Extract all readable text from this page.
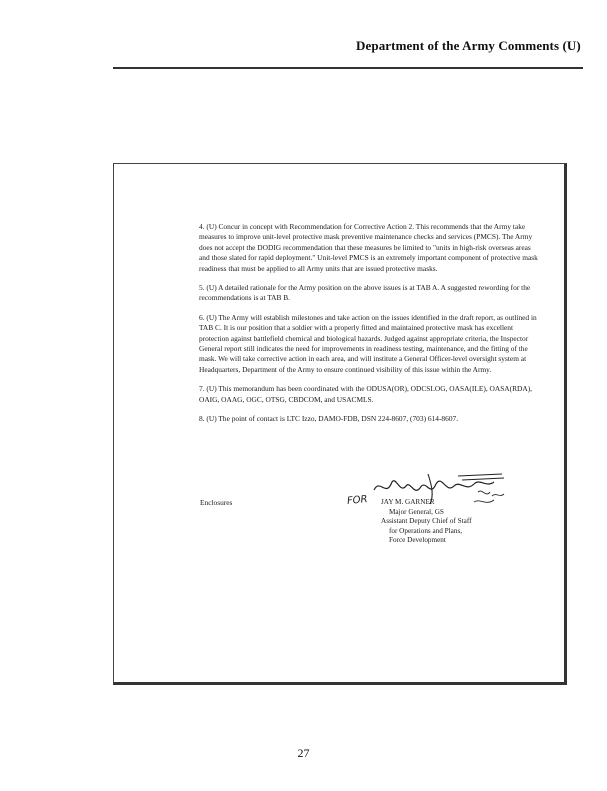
Department of the Army Comments (U)

4. (U) Concur in concept with Recommendation for Corrective Action 2. This recommends that the Army take measures to improve unit-level protective mask preventive maintenance checks and services (PMCS). The Army does not accept the DODIG recommendation that these measures be limited to "units in high-risk overseas areas and those slated for rapid deployment." Unit-level PMCS is an extremely important component of protective mask readiness that must be applied to all Army units that are issued protective masks.

5. (U) A detailed rationale for the Army position on the above issues is at TAB A. A suggested rewording for the recommendations is at TAB B.

6. (U) The Army will establish milestones and take action on the issues identified in the draft report, as outlined in TAB C. It is our position that a soldier with a properly fitted and maintained protective mask has excellent protection against battlefield chemical and biological hazards. Judged against appropriate criteria, the Inspector General report still indicates the need for improvements in readiness testing, maintenance, and the fitting of the mask. We will take corrective action in each area, and will institute a General Officer-level oversight system at Headquarters, Department of the Army to ensure continued visibility of this issue within the Army.

7. (U) This memorandum has been coordinated with the ODUSA(OR), ODCSLOG, OASA(ILE), OASA(RDA), OAIG, OAAG, OGC, OTSG, CBDCOM, and USACMLS.

8. (U) The point of contact is LTC Izzo, DAMO-FDB, DSN 224-8607, (703) 614-8607.

Enclosures	FOR JAY M. GARNER
Major General, GS
Assistant Deputy Chief of Staff
for Operations and Plans,
Force Development
27
